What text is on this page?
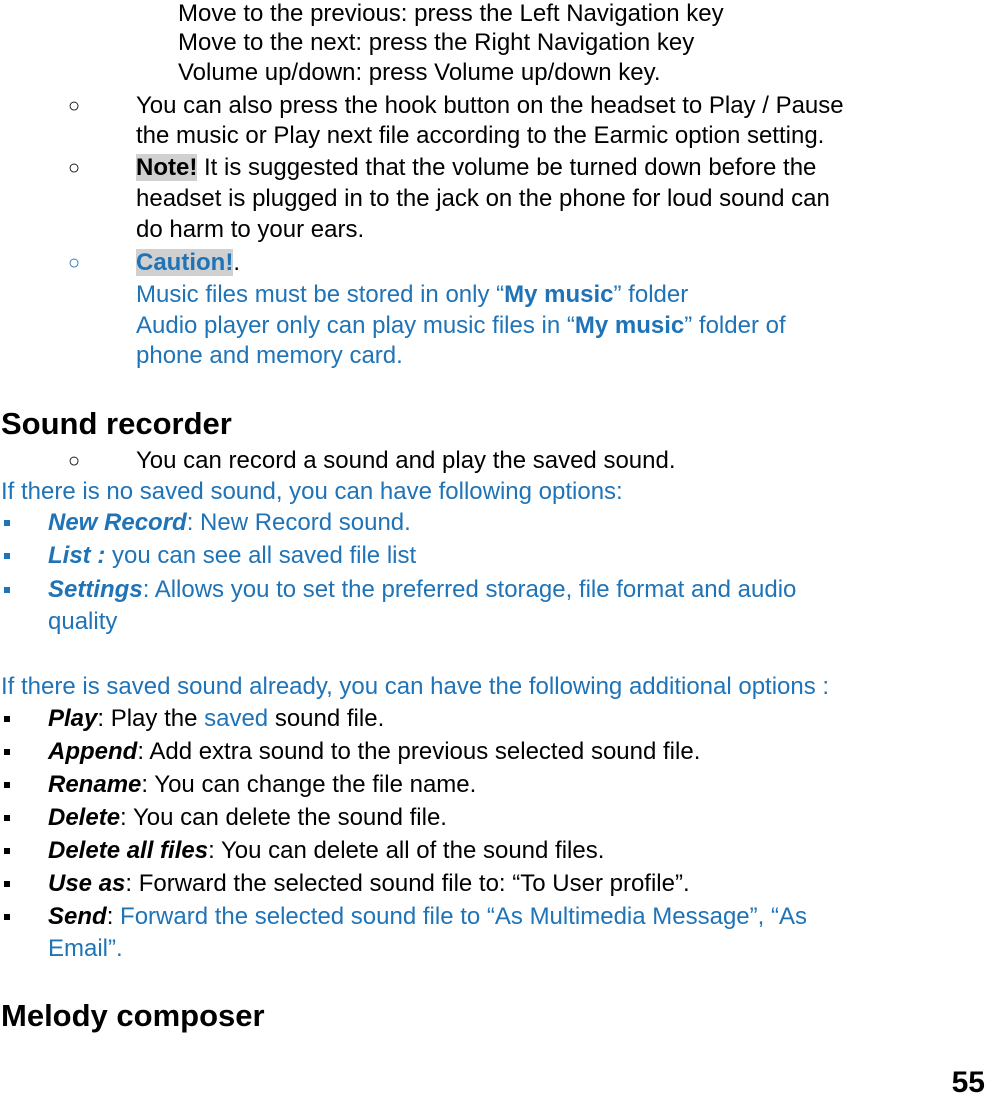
Move to the previous: press the Left Navigation key
Move to the next: press the Right Navigation key
Volume up/down: press Volume up/down key.
○ You can also press the hook button on the headset to Play / Pause
the music or Play next file according to the Earmic option setting.
○ Note! It is suggested that the volume be turned down before the
headset is plugged in to the jack on the phone for loud sound can
do harm to your ears.
○ Caution!.
Music files must be stored in only “My music” folder
Audio player only can play music files in “My music” folder of
phone and memory card.
Sound recorder
○ You can record a sound and play the saved sound.
If there is no saved sound, you can have following options:
New Record: New Record sound.
List : you can see all saved file list
Settings: Allows you to set the preferred storage, file format and audio
quality
If there is saved sound already, you can have the following additional options :
Play: Play the saved sound file.
Append: Add extra sound to the previous selected sound file.
Rename: You can change the file name.
Delete: You can delete the sound file.
Delete all files: You can delete all of the sound files.
Use as: Forward the selected sound file to: “To User profile”.
Send: Forward the selected sound file to “As Multimedia Message”, “As
Email”.
Melody composer
55
